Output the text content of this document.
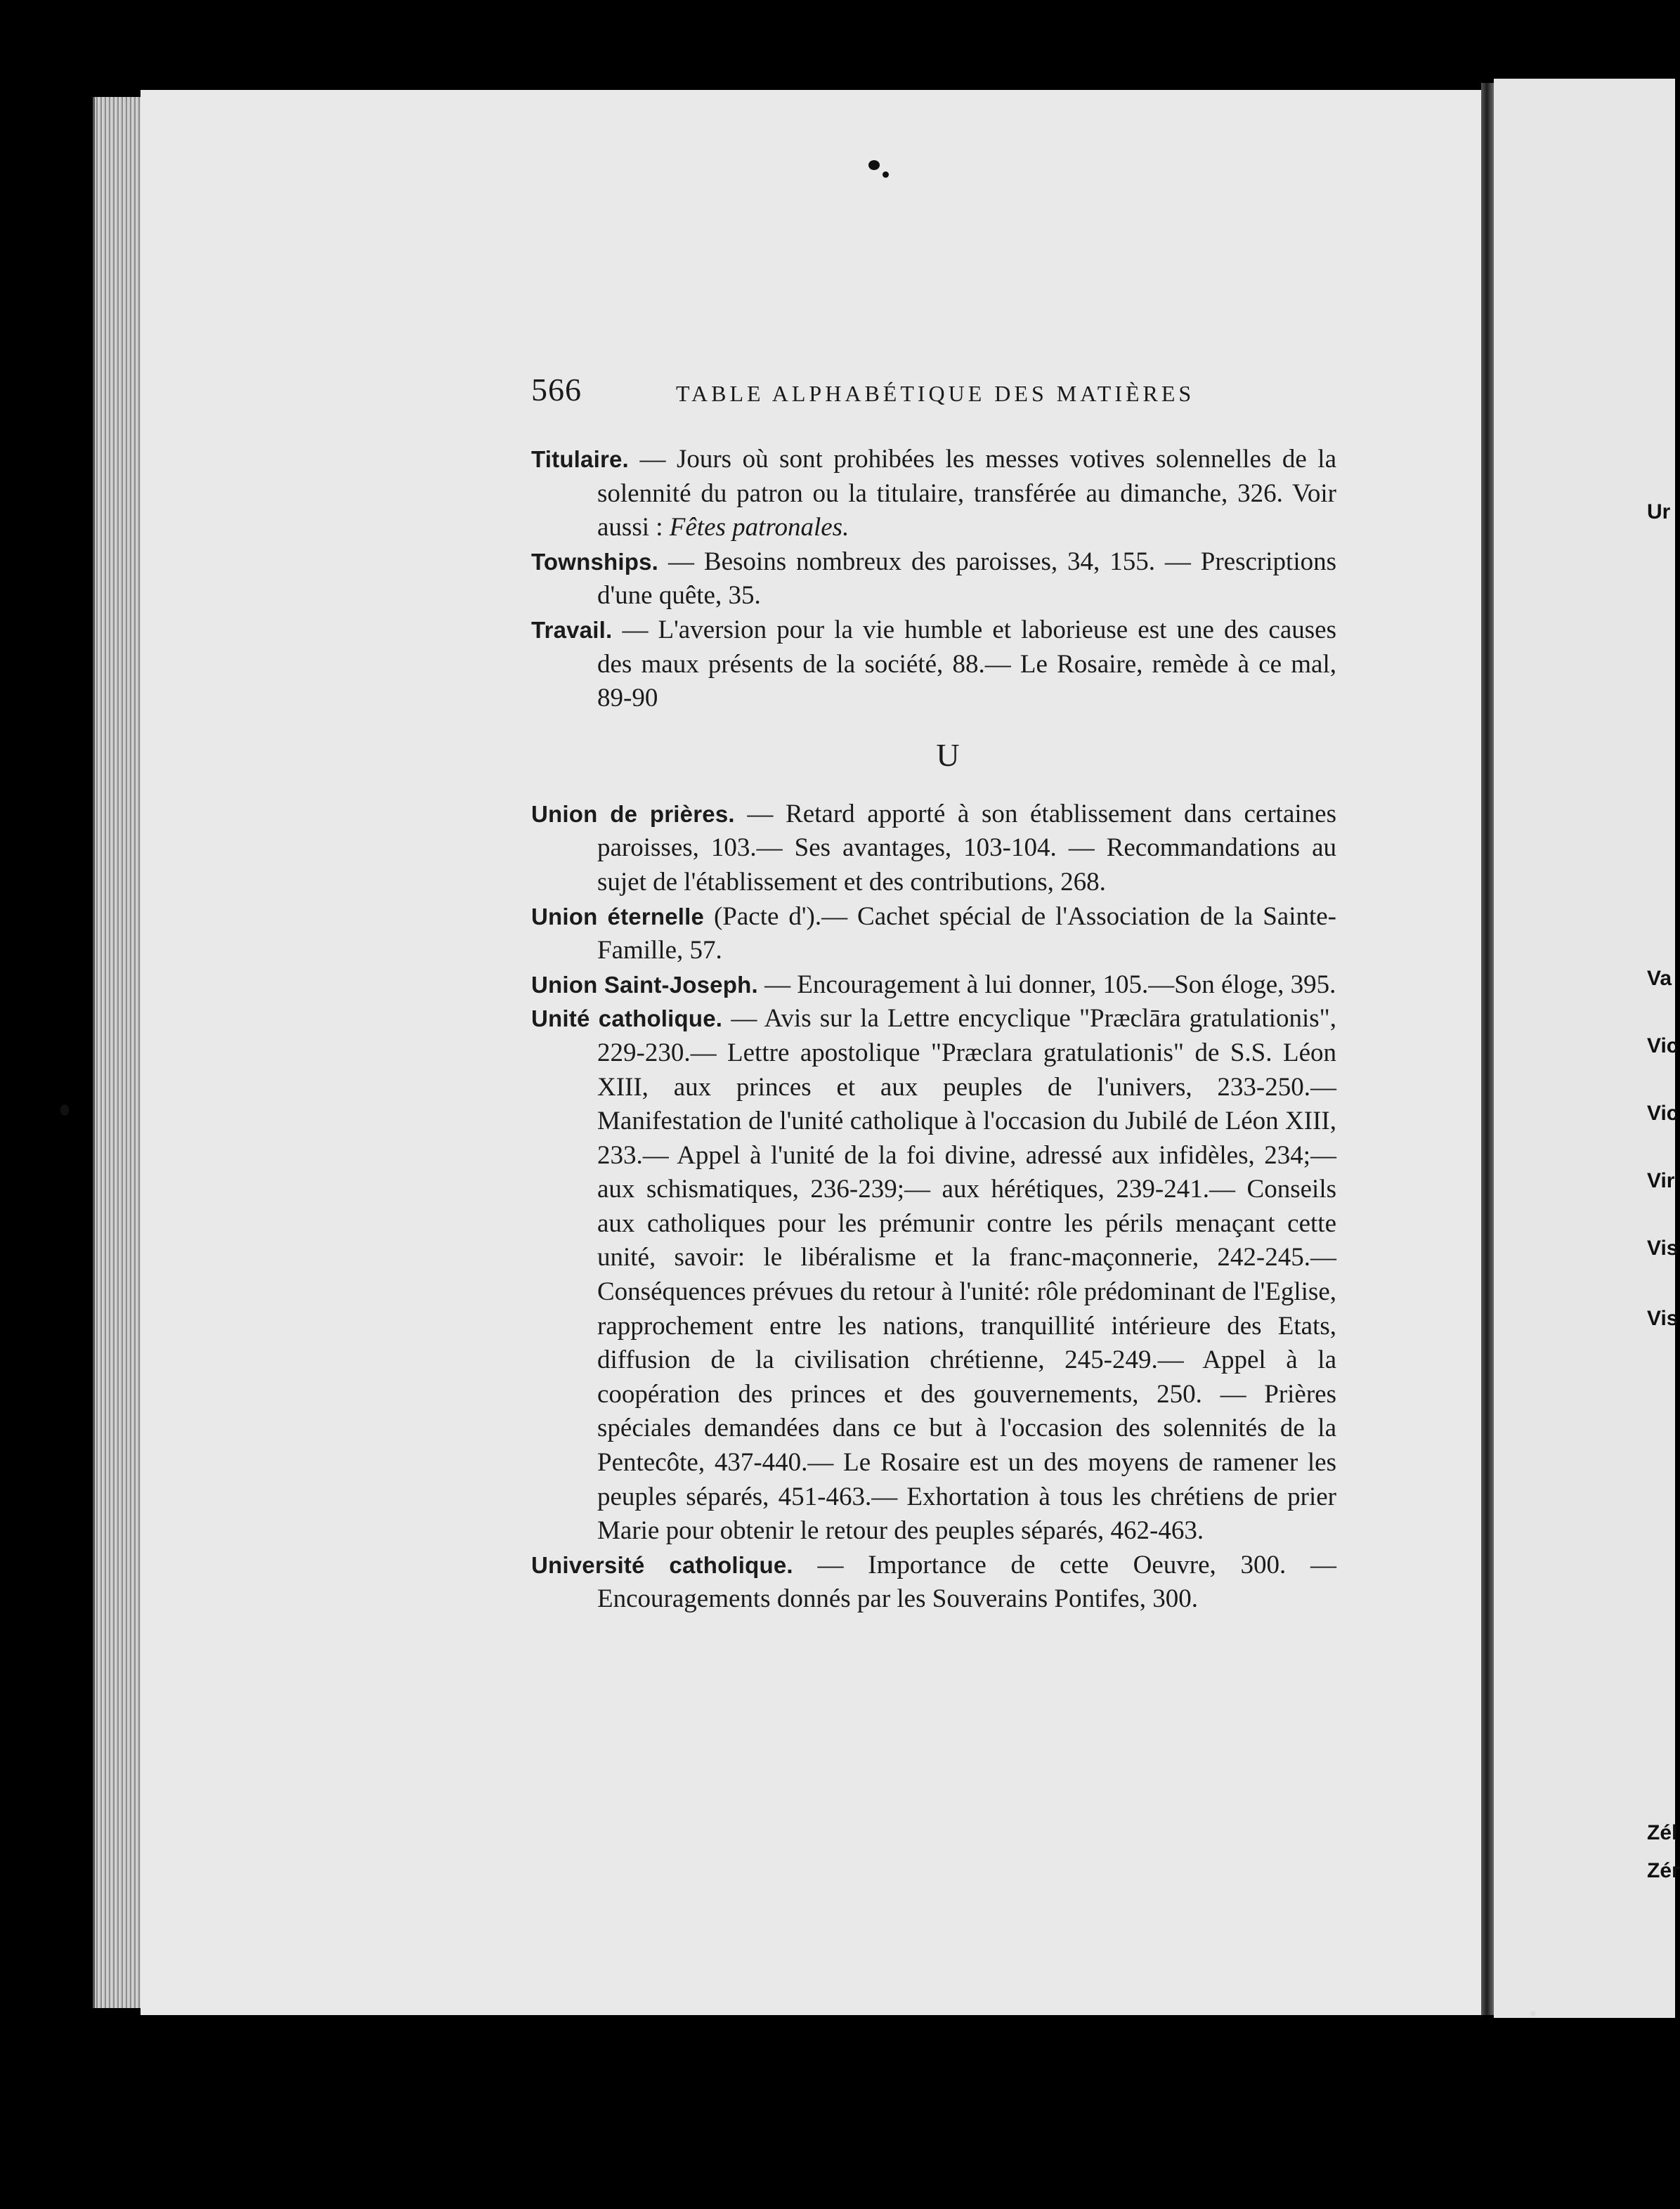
Ur
Va
Vic
Vic
Vir
Vis
Vis
Zél
Zér
566	TABLE ALPHABÉTIQUE DES MATIÈRES

Titulaire. — Jours où sont prohibées les messes votives solennelles de la solennité du patron ou la titulaire, transférée au dimanche, 326. Voir aussi : Fêtes patronales.

Townships. — Besoins nombreux des paroisses, 34, 155. — Prescriptions d'une quête, 35.

Travail. — L'aversion pour la vie humble et laborieuse est une des causes des maux présents de la société, 88.— Le Rosaire, remède à ce mal, 89-90

U

Union de prières. — Retard apporté à son établissement dans certaines paroisses, 103.— Ses avantages, 103-104. — Recommandations au sujet de l'établissement et des contributions, 268.

Union éternelle (Pacte d').— Cachet spécial de l'Association de la Sainte-Famille, 57.

Union Saint-Joseph. — Encouragement à lui donner, 105.—Son éloge, 395.

Unité catholique. — Avis sur la Lettre encyclique "Præclāra gratulationis", 229-230.— Lettre apostolique "Præclara gratulationis" de S.S. Léon XIII, aux princes et aux peuples de l'univers, 233-250.— Manifestation de l'unité catholique à l'occasion du Jubilé de Léon XIII, 233.— Appel à l'unité de la foi divine, adressé aux infidèles, 234;— aux schismatiques, 236-239;— aux hérétiques, 239-241.— Conseils aux catholiques pour les prémunir contre les périls menaçant cette unité, savoir: le libéralisme et la franc-maçonnerie, 242-245.— Conséquences prévues du retour à l'unité: rôle prédominant de l'Eglise, rapprochement entre les nations, tranquillité intérieure des Etats, diffusion de la civilisation chrétienne, 245-249.— Appel à la coopération des princes et des gouvernements, 250. — Prières spéciales demandées dans ce but à l'occasion des solennités de la Pentecôte, 437-440.— Le Rosaire est un des moyens de ramener les peuples séparés, 451-463.— Exhortation à tous les chrétiens de prier Marie pour obtenir le retour des peuples séparés, 462-463.

Université catholique. — Importance de cette Oeuvre, 300. — Encouragements donnés par les Souverains Pontifes, 300.
